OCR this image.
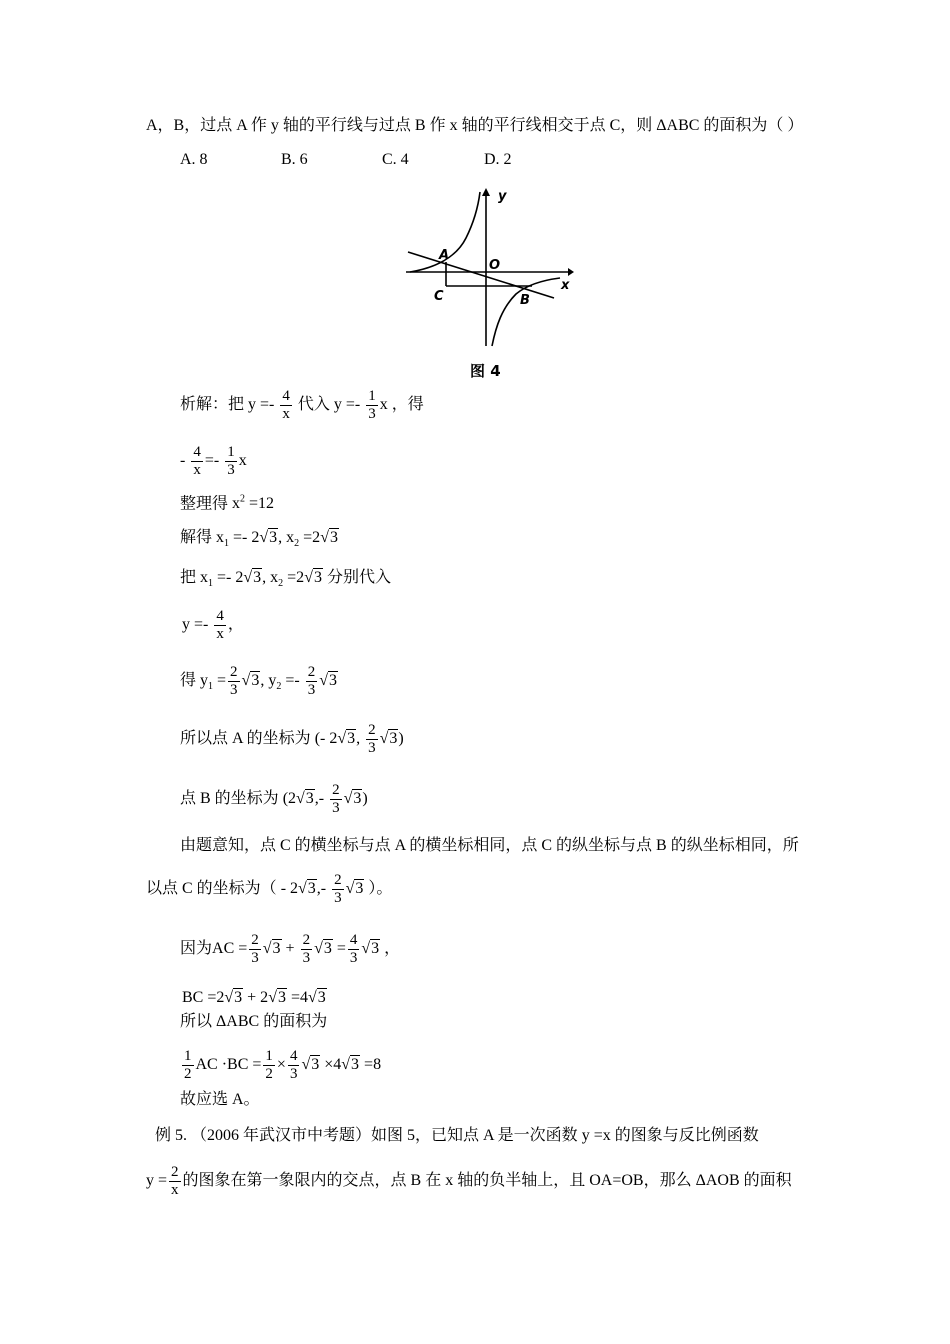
A，B，过点 A 作 y 轴的平行线与过点 B 作 x 轴的平行线相交于点 C，则 ΔABC 的面积为（ ）
A. 8	B. 6	C. 4	D. 2
y
x
A
O
C	B
图 4
析解：把 $y =- \frac{4}{x}$ 代入 $y =- \frac{1}{3}$ x ，得
- $\frac{4}{x} =- \frac{1}{3}$ x
整理得 $x^2 =12$
解得 $x_1 =- 2√3$, $x_2 =2√3$
把 $x_1 =- 2√3$, $x_2 =2√3$ 分别代入
$y =- \frac{4}{x}$ ，
得 $y_1 = \frac{2}{3} √3$, $y_2 =- \frac{2}{3} √3$
所以点 A 的坐标为 (- 2√3, $\frac{2}{3} √3$)
点 B 的坐标为 $(2√3,- \frac{2}{3} √3)$
由题意知，点 C 的横坐标与点 A 的横坐标相同，点 C 的纵坐标与点 B 的纵坐标相同，所
以点 C 的坐标为（ - $2√3,- \frac{2}{3} √3$ ）。
因为AC = $\frac{2}{3} √3 + \frac{2}{3} √3 = \frac{4}{3} √3$ ，
BC =2√3 + 2√3 =4√3
所以 ΔABC 的面积为
$\frac{1}{2}$ AC $\cdot BC = \frac{1}{2} \times \frac{4}{3} √3 \times 4√3 =8$
故应选 A。
例 5. （2006 年武汉市中考题）如图 5，已知点 A 是一次函数 y =x 的图象与反比例函数
$y = \frac{2}{x}$ 的图象在第一象限内的交点，点 B 在 x 轴的负半轴上，且 OA=OB，那么 ΔAOB 的面积
